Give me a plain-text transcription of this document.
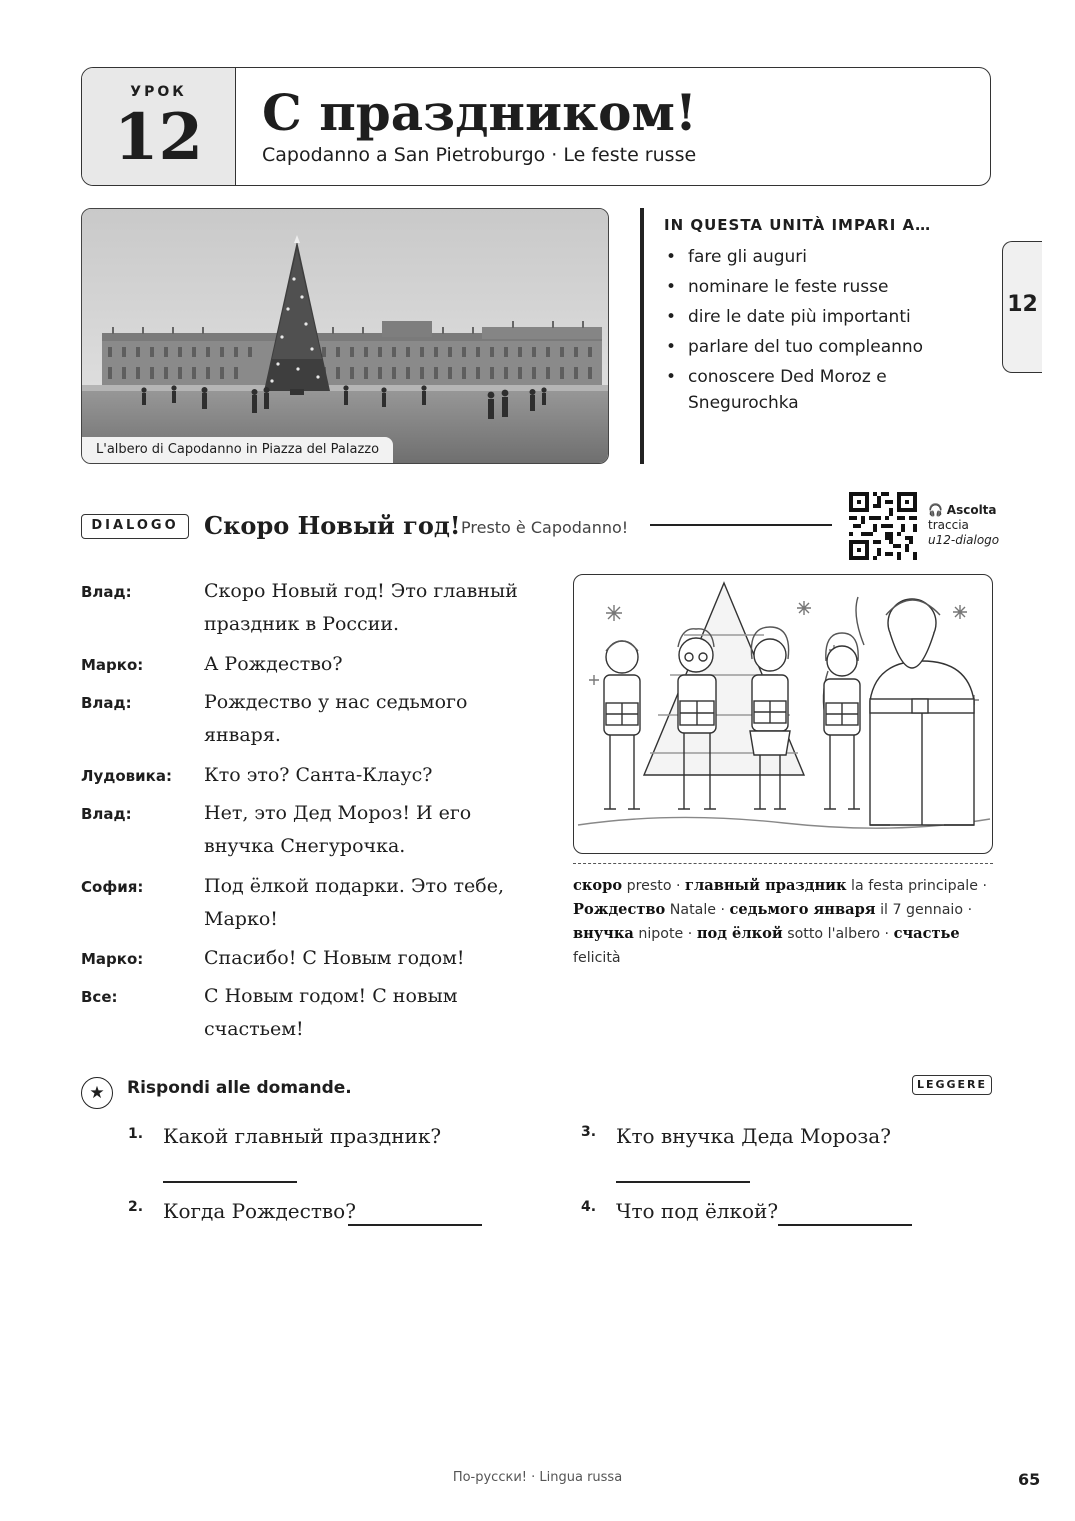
УРОК
12	С праздником!
Capodanno a San Pietroburgo · Le feste russe
L'albero di Capodanno in Piazza del Palazzo
IN QUESTA UNITÀ IMPARI A…
• fare gli auguri
• nominare le feste russe
• dire le date più importanti
• parlare del tuo compleanno
• conoscere Ded Moroz e Snegurochka
12
DIALOGO	Скоро Новый год! Presto è Capodanno!
🎧 Ascolta
traccia
u12-dialogo
Влад:	Скоро Новый год! Это главный праздник в России.
Марко:	А Рождество?
Влад:	Рождество у нас седьмого января.
Лудовика: Кто это? Санта-Клаус?
Влад:	Нет, это Дед Мороз! И его внучка Снегурочка.
София:	Под ёлкой подарки. Это тебе, Марко!
Марко:	Спасибо! С Новым годом!
Все:	С Новым годом! С новым счастьем!
скоро presto · главный праздник la festa principale · Рождество Natale · седьмого января il 7 gennaio · внучка nipote · под ёлкой sotto l'albero · счастье felicità
★	Rispondi alle domande.	LEGGERE
1. Какой главный праздник?
2. Когда Рождество?
3. Кто внучка Деда Мороза?
4. Что под ёлкой?
По-русски! · Lingua russa	65
